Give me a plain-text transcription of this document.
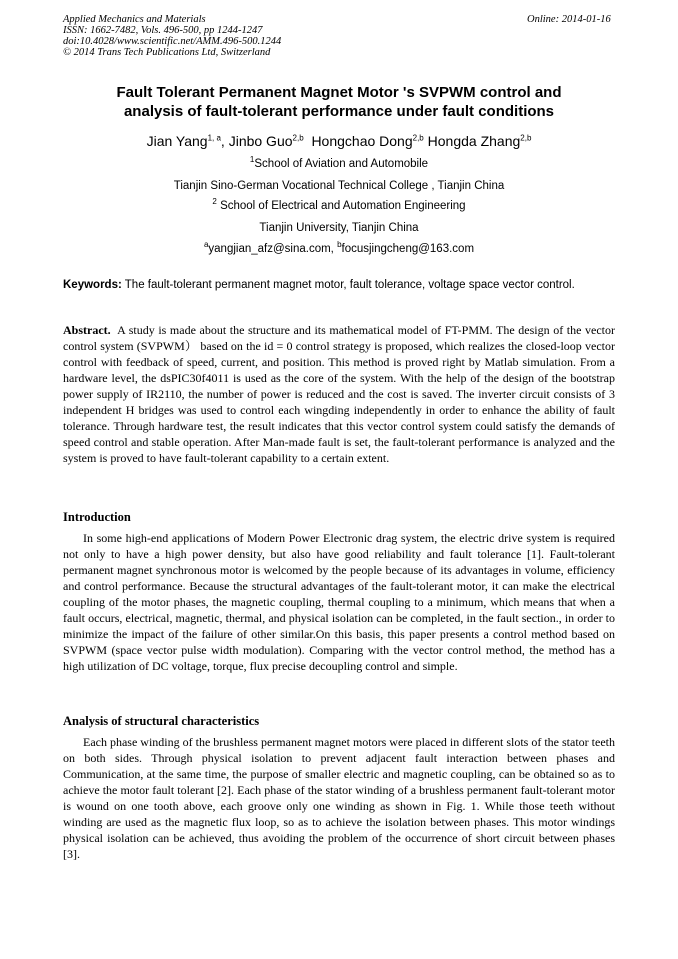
Applied Mechanics and Materials
ISSN: 1662-7482, Vols. 496-500, pp 1244-1247
doi:10.4028/www.scientific.net/AMM.496-500.1244
© 2014 Trans Tech Publications Ltd, Switzerland
Online: 2014-01-16
Fault Tolerant Permanent Magnet Motor 's SVPWM control and
analysis of fault-tolerant performance under fault conditions
Jian Yang$^{1, a}$, Jinbo Guo$^{2,b}$ Hongchao Dong$^{2,b}$ Hongda Zhang$^{2,b}$
$^1$School of Aviation and Automobile
Tianjin Sino-German Vocational Technical College , Tianjin China
$^2$ School of Electrical and Automation Engineering
Tianjin University, Tianjin China
$^a$yangjian_afz@sina.com, $^b$focusjingcheng@163.com
Keywords: The fault-tolerant permanent magnet motor, fault tolerance, voltage space vector control.
Abstract.  A study is made about the structure and its mathematical model of FT-PMM. The design of the vector control system (SVPWM） based on the id = 0 control strategy is proposed, which realizes the closed-loop vector control with feedback of speed, current, and position. This method is proved right by Matlab simulation. From a hardware level, the dsPIC30f4011 is used as the core of the system. With the help of the design of the bootstrap power supply of IR2110, the number of power is reduced and the cost is saved. The inverter circuit consists of 3 independent H bridges was used to control each wingding independently in order to enhance the ability of fault tolerance. Through hardware test, the result indicates that this vector control system could satisfy the demands of speed control and stable operation. After Man-made fault is set, the fault-tolerant performance is analyzed and the system is proved to have fault-tolerant capability to a certain extent.
Introduction
In some high-end applications of Modern Power Electronic drag system, the electric drive system is required not only to have a high power density, but also have good reliability and fault tolerance [1]. Fault-tolerant permanent magnet synchronous motor is welcomed by the people because of its advantages in volume, efficiency and control performance. Because the structural advantages of the fault-tolerant motor, it can make the electrical coupling of the motor phases, the magnetic coupling, thermal coupling to a minimum, which means that when a fault occurs, electrical, magnetic, thermal, and physical isolation can be completed, in the fault section., in order to minimize the impact of the failure of other similar.On this basis, this paper presents a control method based on SVPWM (space vector pulse width modulation). Comparing with the vector control method, the method has a high utilization of DC voltage, torque, flux precise decoupling control and simple.
Analysis of structural characteristics
Each phase winding of the brushless permanent magnet motors were placed in different slots of the stator teeth on both sides. Through physical isolation to prevent adjacent fault interaction between phases and Communication, at the same time, the purpose of smaller electric and magnetic coupling, can be obtained so as to achieve the motor fault tolerant [2]. Each phase of the stator winding of a brushless permanent fault-tolerant motor is wound on one tooth above, each groove only one winding as shown in Fig. 1. While those teeth without winding are used as the magnetic flux loop, so as to achieve the isolation between phases. This motor windings physical isolation can be achieved, thus avoiding the problem of the occurrence of short circuit between phases [3].
